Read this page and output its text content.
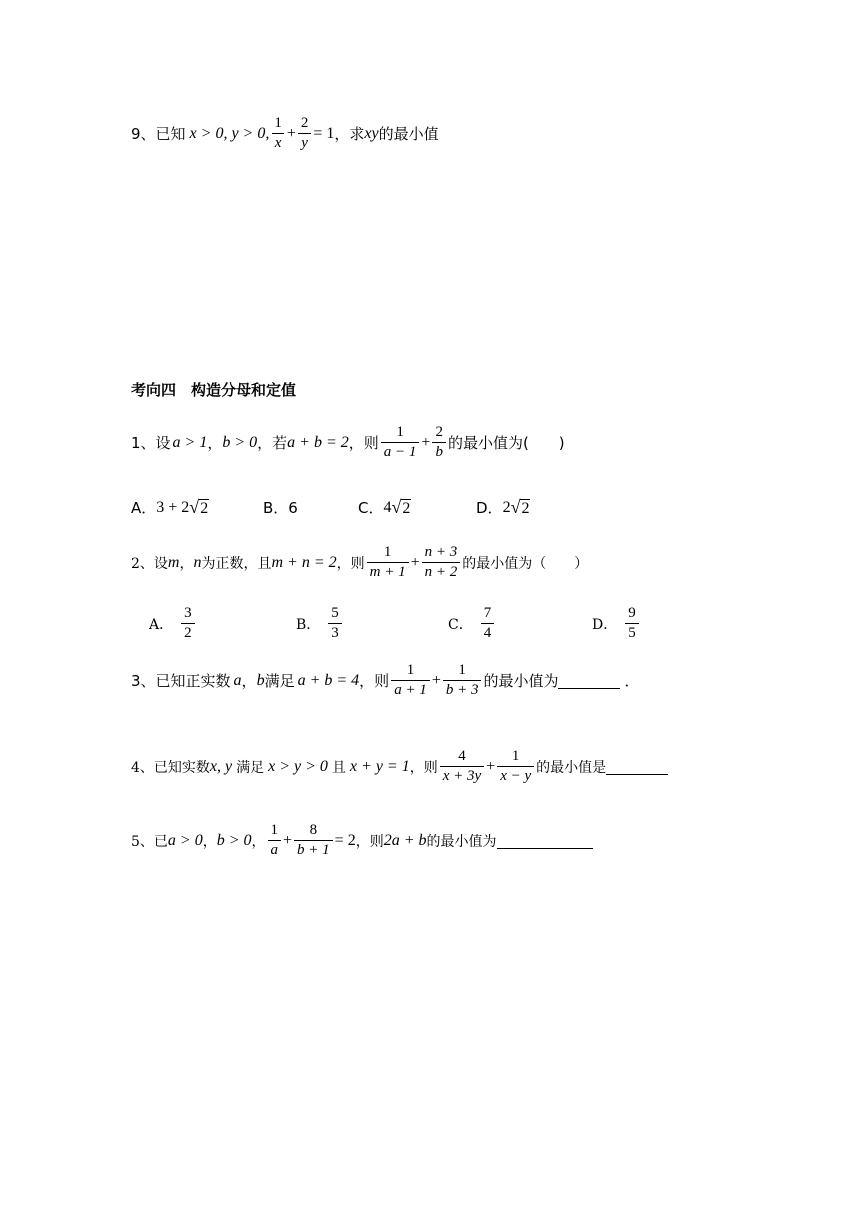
9、已知 x > 0, y > 0, $\frac{1}{x} + \frac{2}{y} = 1$ ，求 xy 的最小值
考向四　构造分母和定值
1、设 a > 1 ， b > 0 ，若 a + b = 2 ，则 $\frac{1}{a - 1} + \frac{2}{b}$ 的最小值为(　　)
A． 3 + 2 √ 2	B．6	C． 4 √ 2	D． 2 √ 2
2、设 m ， n 为正数，且 m + n = 2 ，则 $\frac{1}{m + 1} + \frac{n + 3}{n + 2}$ 的最小值为（　　）
A． $\frac{3}{2}$	B． $\frac{5}{3}$	C． $\frac{7}{4}$	D． $\frac{9}{5}$
3、已知正实数 a ， b 满足 a + b = 4 ，则 $\frac{1}{a + 1} + \frac{1}{b + 3}$ 的最小值为	．
4、已知实数 x, y 满足 x > y > 0 且 x + y = 1 ，则 $\frac{4}{x + 3y} + \frac{1}{x - y}$ 的最小值是
5、已 a > 0 ， b > 0 ， $\frac{1}{a} + \frac{8}{b + 1} = 2$ ，则 2a + b 的最小值为
